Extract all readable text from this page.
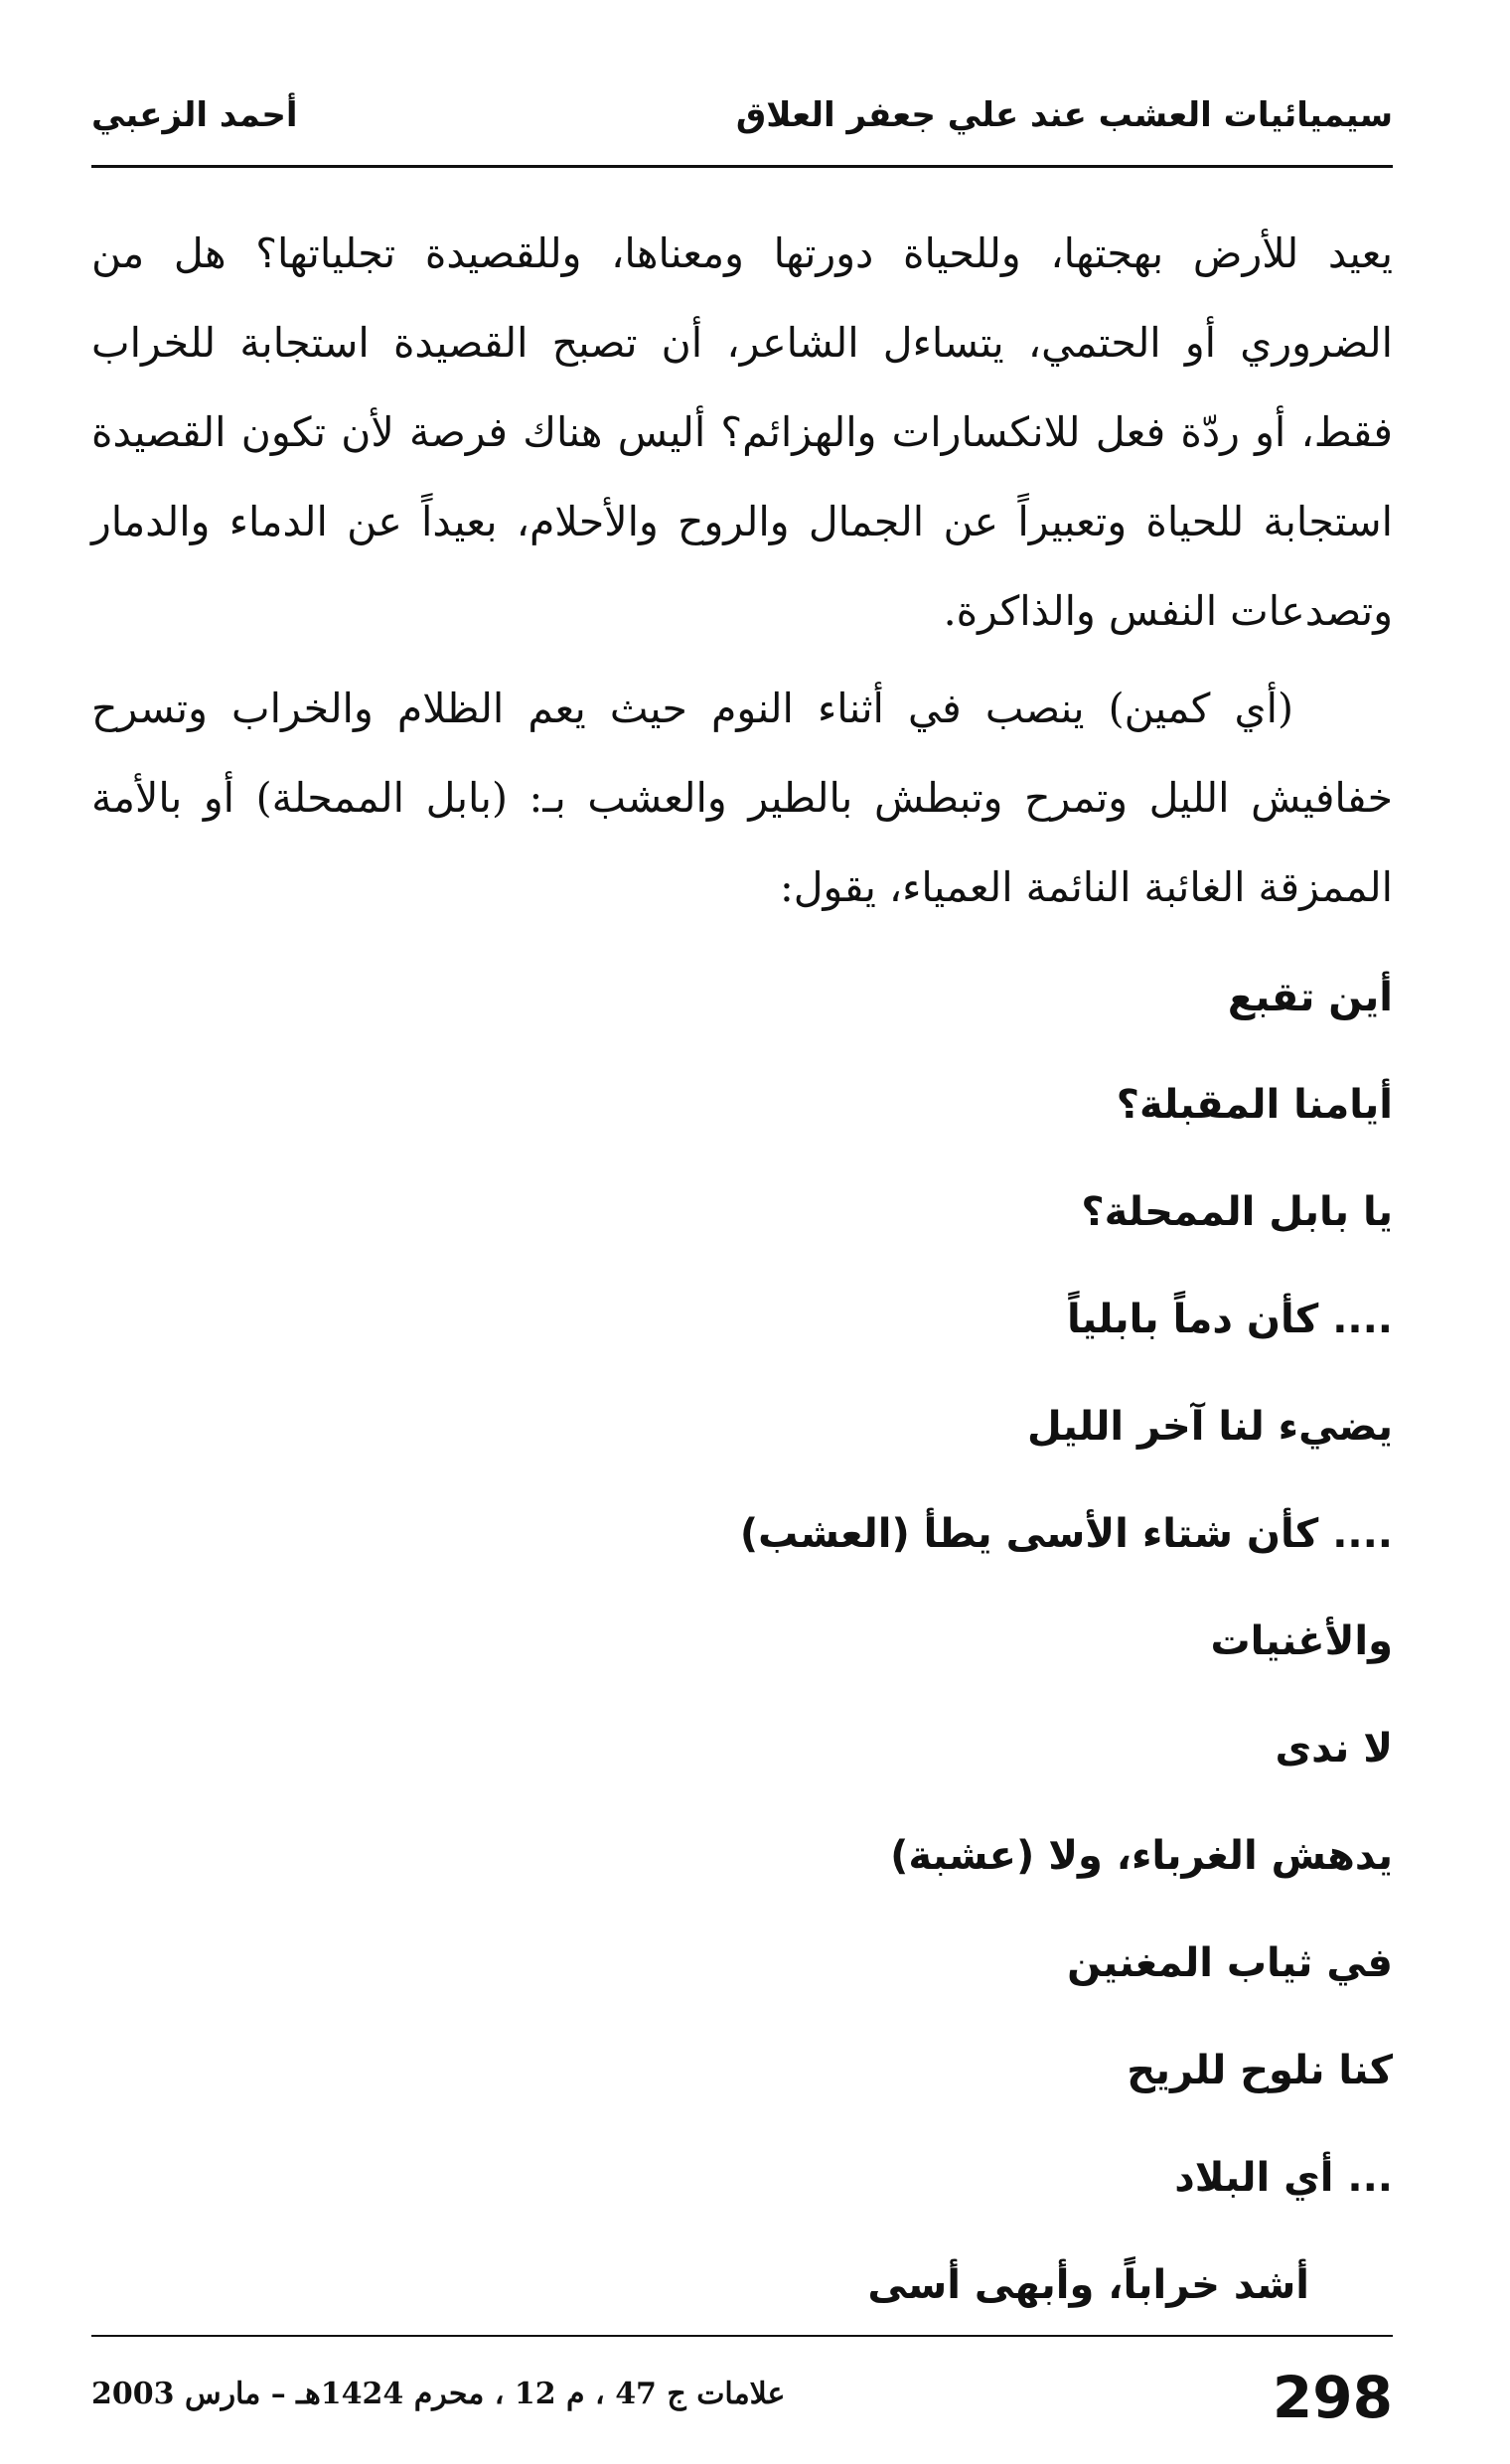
سيميائيات العشب عند علي جعفر العلاق
أحمد الزعبي

يعيد للأرض بهجتها، وللحياة دورتها ومعناها، وللقصيدة تجلياتها؟ هل من الضروري أو الحتمي، يتساءل الشاعر، أن تصبح القصيدة استجابة للخراب فقط، أو ردّة فعل للانكسارات والهزائم؟ أليس هناك فرصة لأن تكون القصيدة استجابة للحياة وتعبيراً عن الجمال والروح والأحلام، بعيداً عن الدماء والدمار وتصدعات النفس والذاكرة.

(أي كمين) ينصب في أثناء النوم حيث يعم الظلام والخراب وتسرح خفافيش الليل وتمرح وتبطش بالطير والعشب بـ: (بابل الممحلة) أو بالأمة الممزقة الغائبة النائمة العمياء، يقول:

أين تقبع
أيامنا المقبلة؟
يا بابل الممحلة؟
.... كأن دماً بابلياً
يضيء لنا آخر الليل
.... كأن شتاء الأسى يطأ (العشب)
والأغنيات
لا ندى
يدهش الغرباء، ولا (عشبة)
في ثياب المغنين
كنا نلوح للريح
... أي البلاد
أشد خراباً، وأبهى أسى
298
علامات ج 47 ، م 12 ، محرم 1424هـ – مارس 2003
